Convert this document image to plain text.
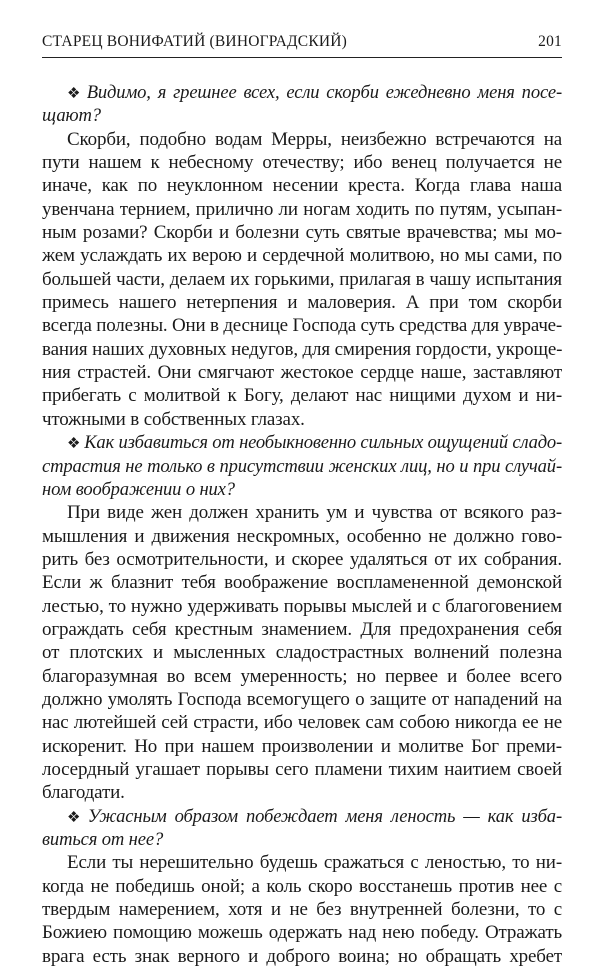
СТАРЕЦ ВОНИФАТИЙ (ВИНОГРАДСКИЙ)	201
❖ Видимо, я грешнее всех, если скорби ежедневно меня посе-
щают?
Скорби, подобно водам Мерры, неизбежно встречаются на
пути нашем к небесному отечеству; ибо венец получается не
иначе, как по неуклонном несении креста. Когда глава наша
увенчана тернием, прилично ли ногам ходить по путям, усыпан-
ным розами? Скорби и болезни суть святые врачевства; мы мо-
жем услаждать их верою и сердечной молитвою, но мы сами, по
большей части, делаем их горькими, прилагая в чашу испытания
примесь нашего нетерпения и маловерия. А при том скорби
всегда полезны. Они в деснице Господа суть средства для увраче-
вания наших духовных недугов, для смирения гордости, укроще-
ния страстей. Они смягчают жестокое сердце наше, заставляют
прибегать с молитвой к Богу, делают нас нищими духом и ни-
чтожными в собственных глазах.
❖ Как избавиться от необыкновенно сильных ощущений сладо-
страстия не только в присутствии женских лиц, но и при случай-
ном воображении о них?
При виде жен должен хранить ум и чувства от всякого раз-
мышления и движения нескромных, особенно не должно гово-
рить без осмотрительности, и скорее удаляться от их собрания.
Если ж блазнит тебя воображение воспламененной демонской
лестью, то нужно удерживать порывы мыслей и с благоговением
ограждать себя крестным знамением. Для предохранения себя
от плотских и мысленных сладострастных волнений полезна
благоразумная во всем умеренность; но первее и более всего
должно умолять Господа всемогущего о защите от нападений на
нас лютейшей сей страсти, ибо человек сам собою никогда ее не
искоренит. Но при нашем произволении и молитве Бог преми-
лосердный угашает порывы сего пламени тихим наитием своей
благодати.
❖ Ужасным образом побеждает меня леность — как изба-
виться от нее?
Если ты нерешительно будешь сражаться с леностью, то ни-
когда не победишь оной; а коль скоро восстанешь против нее с
твердым намерением, хотя и не без внутренней болезни, то с
Божиею помощию можешь одержать над нею победу. Отражать
врага есть знак верного и доброго воина; но обращать хребет
